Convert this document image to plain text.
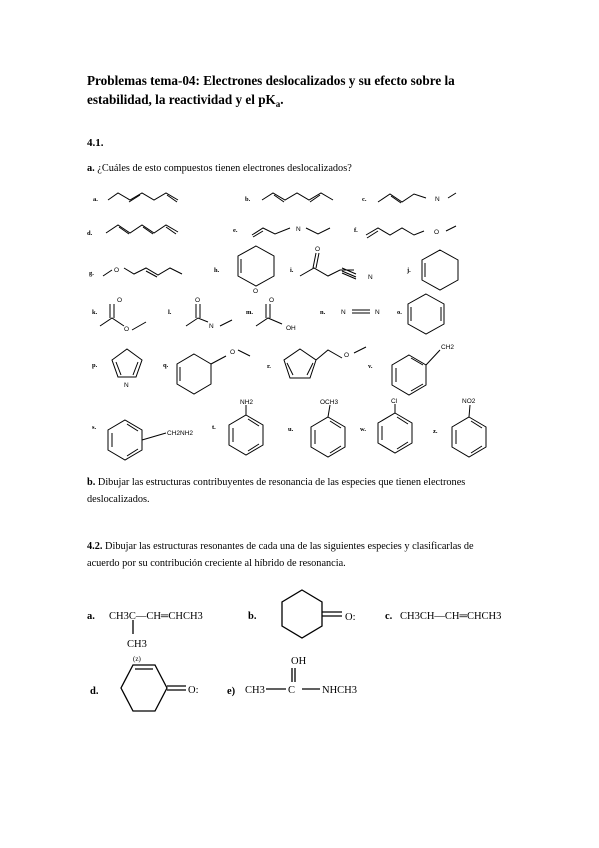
Problemas tema-04: Electrones deslocalizados y su efecto sobre la
estabilidad, la reactividad y el $pK_a$.
4.1.
a. ¿Cuáles de esto compuestos tienen electrones deslocalizados?
a.	b.	c.
d.	e.	f.
g.	h.	i.	j.
k.	l.	m.	n.	o.
p.	q.	r.	v.
s.	t.	u.	w.	z.
N
N	O
O
O
O
N
O
O
O
N
O
OH
N	N
N
O	O
CH2
CH2NH2
NH2	OCH3	Cl	NO2
b. Dibujar las estructuras contribuyentes de resonancia de las especies que tienen electrones deslocalizados.
4.2. Dibujar las estructuras resonantes de cada una de las siguientes especies y clasificarlas de acuerdo por su contribución creciente al híbrido de resonancia.
a.	b.	c.
d.	e)
CH3C—CH═CHCH3
CH3
O:	CH3CH—CH═CHCH3
O:
OH
CH3 C	NHCH3
(z)
